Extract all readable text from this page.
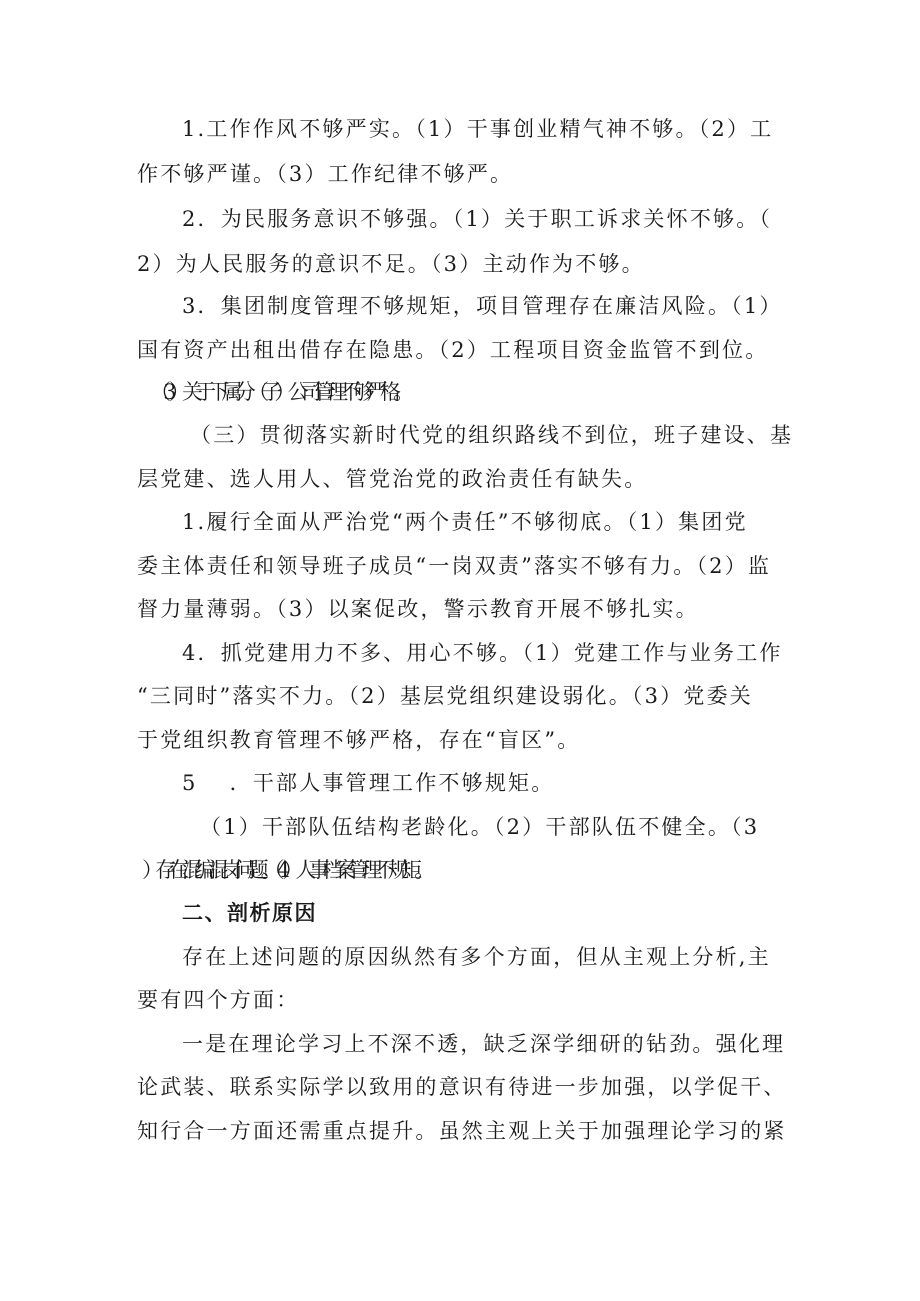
1.工作作风不够严实。（1）干事创业精气神不够。（2）工
作不够严谨。（3）工作纪律不够严。
2．为民服务意识不够强。（1）关于职工诉求关怀不够。（
2）为人民服务的意识不足。（3）主动作为不够。
3．集团制度管理不够规矩，项目管理存在廉洁风险。（1）
国有资产出租出借存在隐患。（2）工程项目资金监管不到位。
（3）关于下属分（子）公司管理不够严格。
（三）贯彻落实新时代党的组织路线不到位，班子建设、基
层党建、选人用人、管党治党的政治责任有缺失。
1.履行全面从严治党“两个责任”不够彻底。（1）集团党
委主体责任和领导班子成员“一岗双责”落实不够有力。（2）监
督力量薄弱。（3）以案促改，警示教育开展不够扎实。
4．抓党建用力不多、用心不够。（1）党建工作与业务工作
“三同时”落实不力。（2）基层党组织建设弱化。（3）党委关
于党组织教育管理不够严格，存在“盲区”。
5　 ．干部人事管理工作不够规矩。
（1）干部队伍结构老龄化。（2）干部队伍不健全。（3
）存在混编混岗问题。（4）人事档案管理不规矩。
二、剖析原因
存在上述问题的原因纵然有多个方面，但从主观上分析,主
要有四个方面：
一是在理论学习上不深不透，缺乏深学细研的钻劲。强化理
论武装、联系实际学以致用的意识有待进一步加强，以学促干、
知行合一方面还需重点提升。虽然主观上关于加强理论学习的紧
